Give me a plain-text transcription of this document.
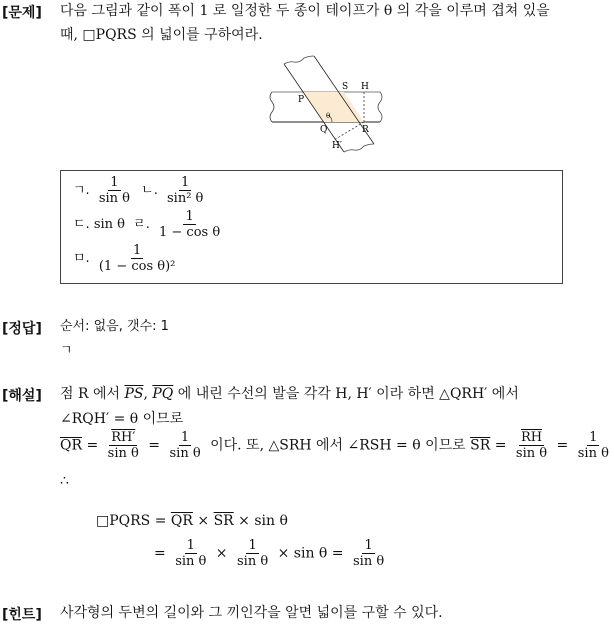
[문제] 다음 그림과 같이 폭이 1 로 일정한 두 종이 테이프가 θ 의 각을 이루며 겹쳐 있을
때, □PQRS 의 넓이를 구하여라.
P
S H
Q	R
H′
θ
ㄱ. $\frac{1}{\text{sin θ}}$ ㄴ. $\frac{1}{\text{sin² θ}}$
ㄷ. sin θ ㄹ. $\frac{1}{\text{1 − cos θ}}$
ㅁ. $\frac{1}{\text{(1 − cos θ)²}}$
[정답] 순서: 없음, 갯수: 1
ㄱ
[해설] 점 R 에서 $\overline{PS}$, $\overline{PQ}$ 에 내린 수선의 발을 각각 H, H′ 이라 하면 △QRH′ 에서
∠RQH′ = θ 이므로
$\overline{QR} = \frac{RH'}{\text{sin θ}} = \frac{1}{\text{sin θ}}$ 이다. 또, △SRH 에서 ∠RSH = θ 이므로 $\overline{SR} = \frac{\overline{RH}}{\text{sin θ}} = \frac{1}{\text{sin θ}}$
∴
□PQRS = $\overline{QR} \times \overline{SR} \times \sin \theta$
= $\frac{1}{\text{sin θ}} \times \frac{1}{\text{sin θ}} \times \sin \theta = \frac{1}{\text{sin θ}}$
[힌트] 사각형의 두변의 길이와 그 끼인각을 알면 넓이를 구할 수 있다.
